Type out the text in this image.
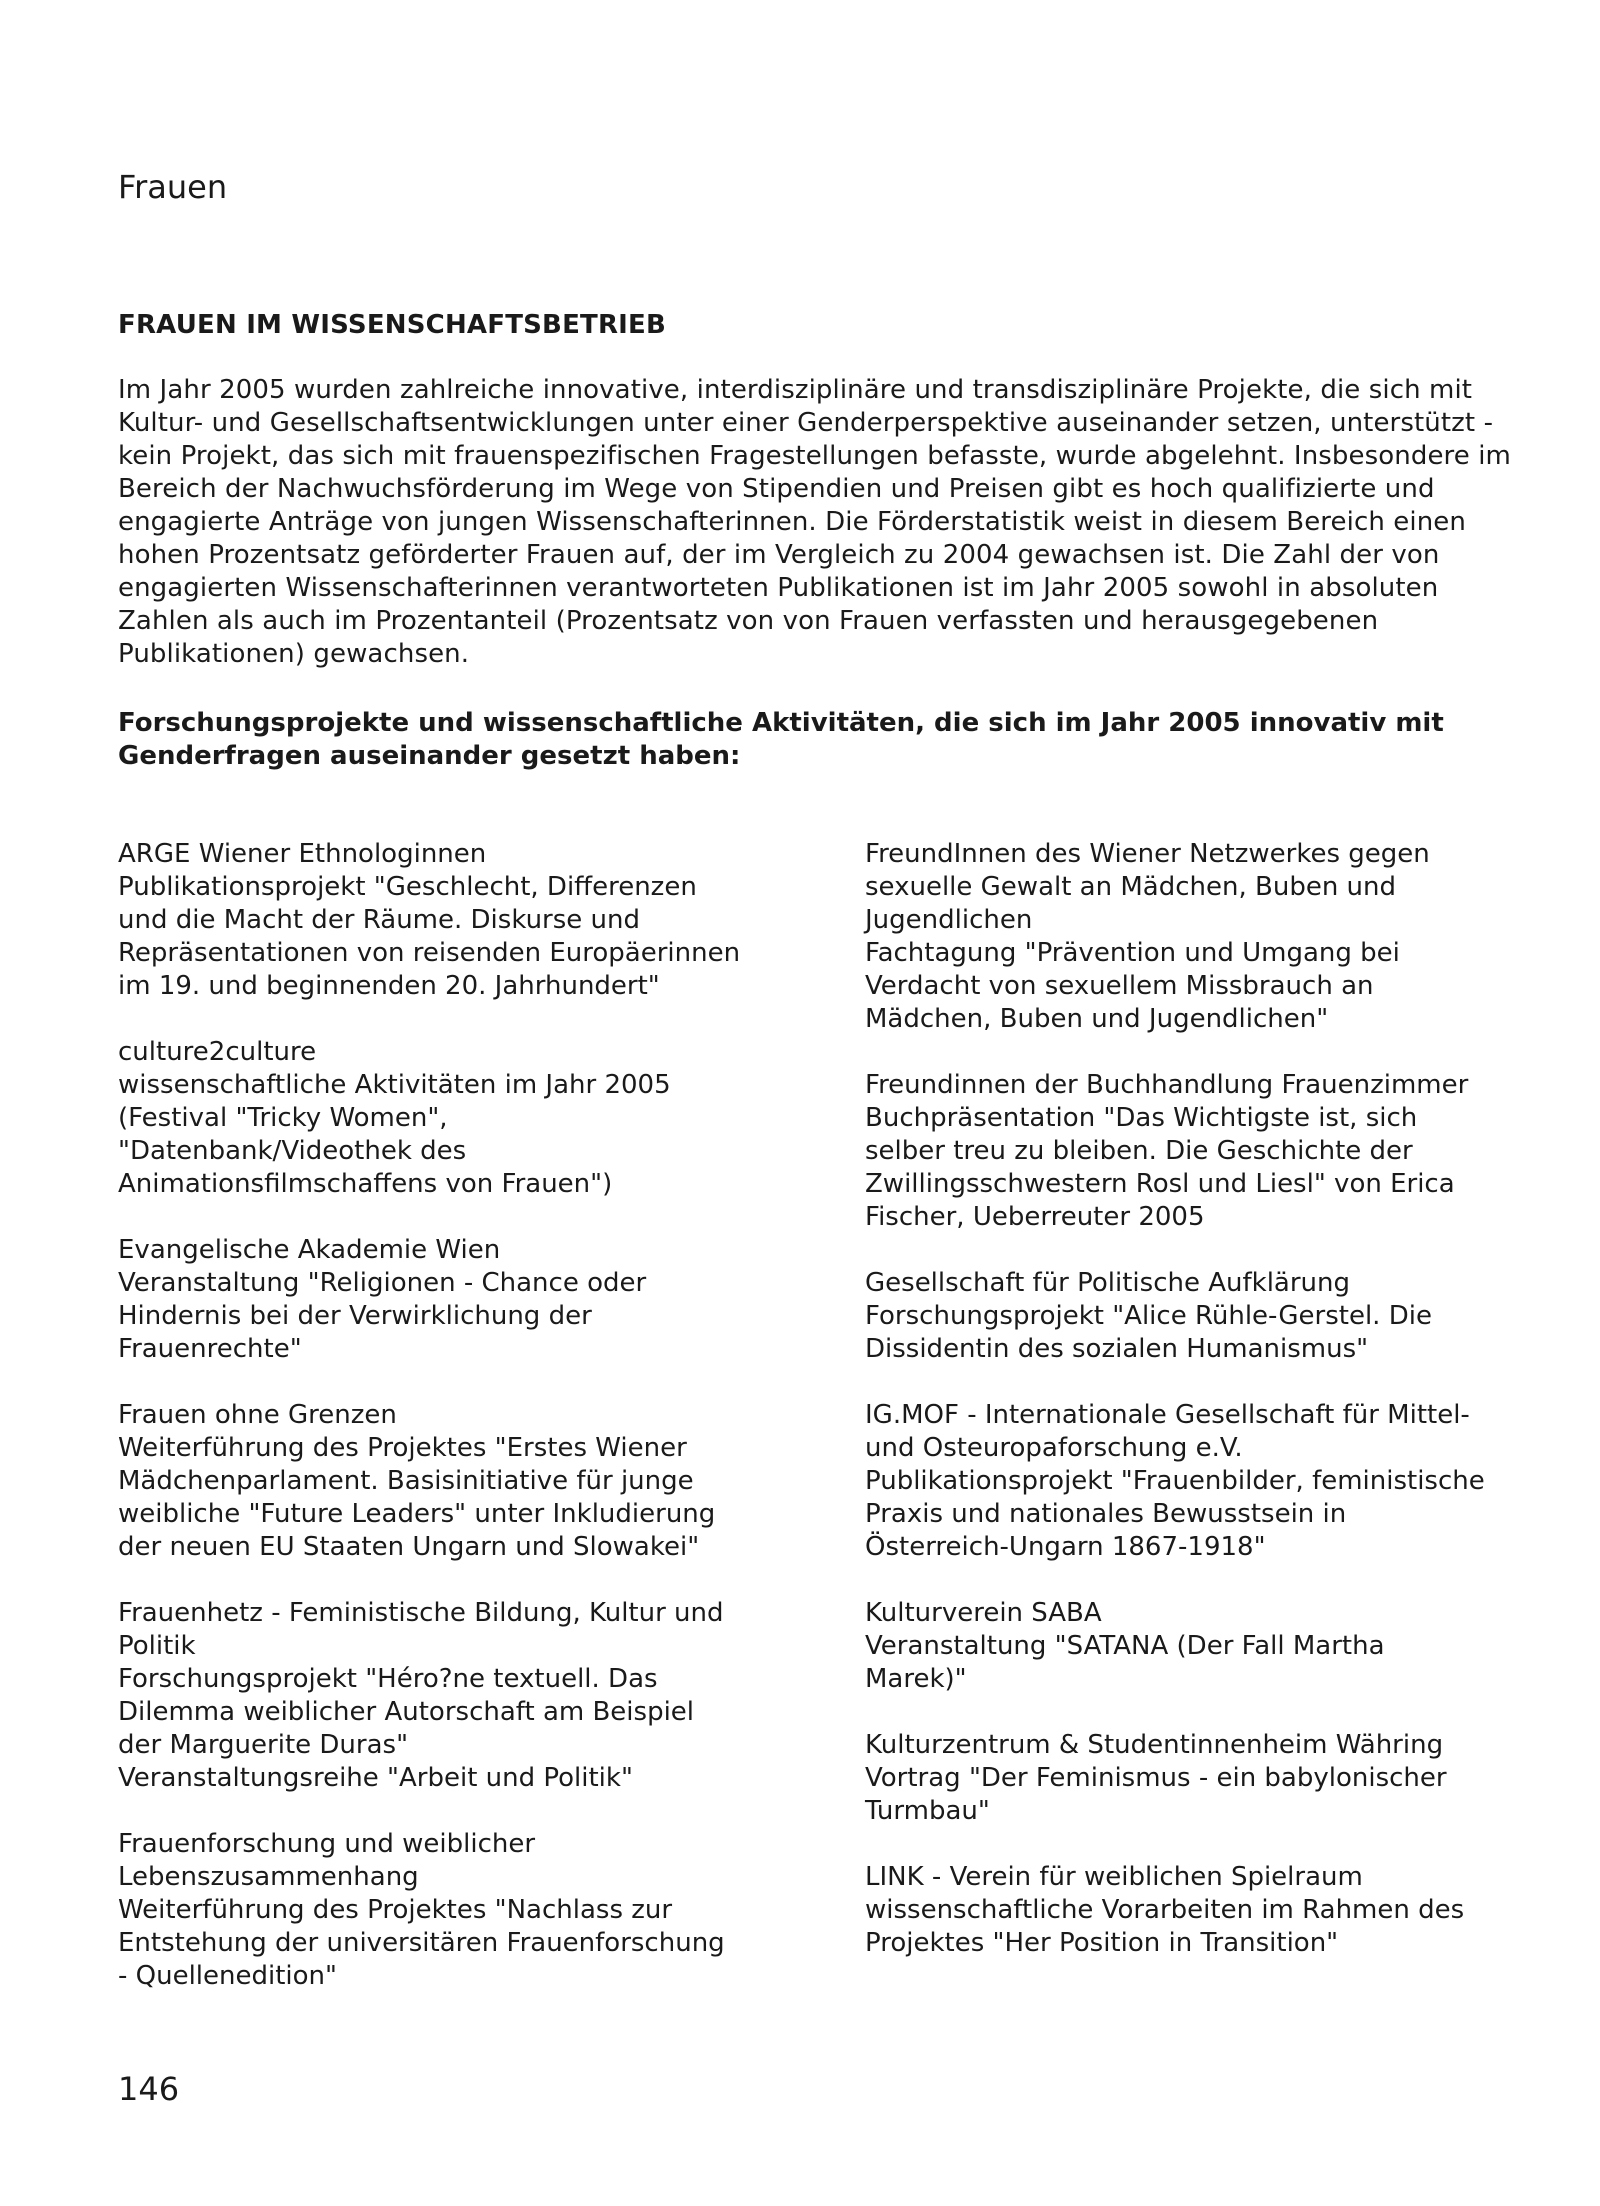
Frauen

FRAUEN IM WISSENSCHAFTSBETRIEB

Im Jahr 2005 wurden zahlreiche innovative, interdisziplinäre und transdisziplinäre Projekte, die sich mit Kultur- und Gesellschaftsentwicklungen unter einer Genderperspektive auseinander setzen, unterstützt - kein Projekt, das sich mit frauenspezifischen Fragestellungen befasste, wurde abgelehnt. Insbesondere im Bereich der Nachwuchsförderung im Wege von Stipendien und Preisen gibt es hoch qualifizierte und engagierte Anträge von jungen Wissenschafterinnen. Die Förderstatistik weist in diesem Bereich einen hohen Prozentsatz geförderter Frauen auf, der im Vergleich zu 2004 gewachsen ist. Die Zahl der von engagierten Wissenschafterinnen verantworteten Publikationen ist im Jahr 2005 sowohl in absoluten Zahlen als auch im Prozentanteil (Prozentsatz von von Frauen verfassten und herausgegebenen Publikationen) gewachsen.

Forschungsprojekte und wissenschaftliche Aktivitäten, die sich im Jahr 2005 innovativ mit Genderfragen auseinander gesetzt haben:

ARGE Wiener Ethnologinnen
Publikationsprojekt "Geschlecht, Differenzen
und die Macht der Räume. Diskurse und
Repräsentationen von reisenden Europäerinnen
im 19. und beginnenden 20. Jahrhundert"
culture2culture
wissenschaftliche Aktivitäten im Jahr 2005
(Festival "Tricky Women",
"Datenbank/Videothek des
Animationsfilmschaffens von Frauen")
Evangelische Akademie Wien
Veranstaltung "Religionen - Chance oder
Hindernis bei der Verwirklichung der
Frauenrechte"
Frauen ohne Grenzen
Weiterführung des Projektes "Erstes Wiener
Mädchenparlament. Basisinitiative für junge
weibliche "Future Leaders" unter Inkludierung
der neuen EU Staaten Ungarn und Slowakei"
Frauenhetz - Feministische Bildung, Kultur und
Politik
Forschungsprojekt "Héro?ne textuell. Das
Dilemma weiblicher Autorschaft am Beispiel
der Marguerite Duras"
Veranstaltungsreihe "Arbeit und Politik"
Frauenforschung und weiblicher
Lebenszusammenhang
Weiterführung des Projektes "Nachlass zur
Entstehung der universitären Frauenforschung
- Quellenedition"
FreundInnen des Wiener Netzwerkes gegen
sexuelle Gewalt an Mädchen, Buben und
Jugendlichen
Fachtagung "Prävention und Umgang bei
Verdacht von sexuellem Missbrauch an
Mädchen, Buben und Jugendlichen"
Freundinnen der Buchhandlung Frauenzimmer
Buchpräsentation "Das Wichtigste ist, sich
selber treu zu bleiben. Die Geschichte der
Zwillingsschwestern Rosl und Liesl" von Erica
Fischer, Ueberreuter 2005
Gesellschaft für Politische Aufklärung
Forschungsprojekt "Alice Rühle-Gerstel. Die
Dissidentin des sozialen Humanismus"
IG.MOF - Internationale Gesellschaft für Mittel-
und Osteuropaforschung e.V.
Publikationsprojekt "Frauenbilder, feministische
Praxis und nationales Bewusstsein in
Österreich-Ungarn 1867-1918"
Kulturverein SABA
Veranstaltung "SATANA (Der Fall Martha
Marek)"
Kulturzentrum & Studentinnenheim Währing
Vortrag "Der Feminismus - ein babylonischer
Turmbau"
LINK - Verein für weiblichen Spielraum
wissenschaftliche Vorarbeiten im Rahmen des
Projektes "Her Position in Transition"

146
